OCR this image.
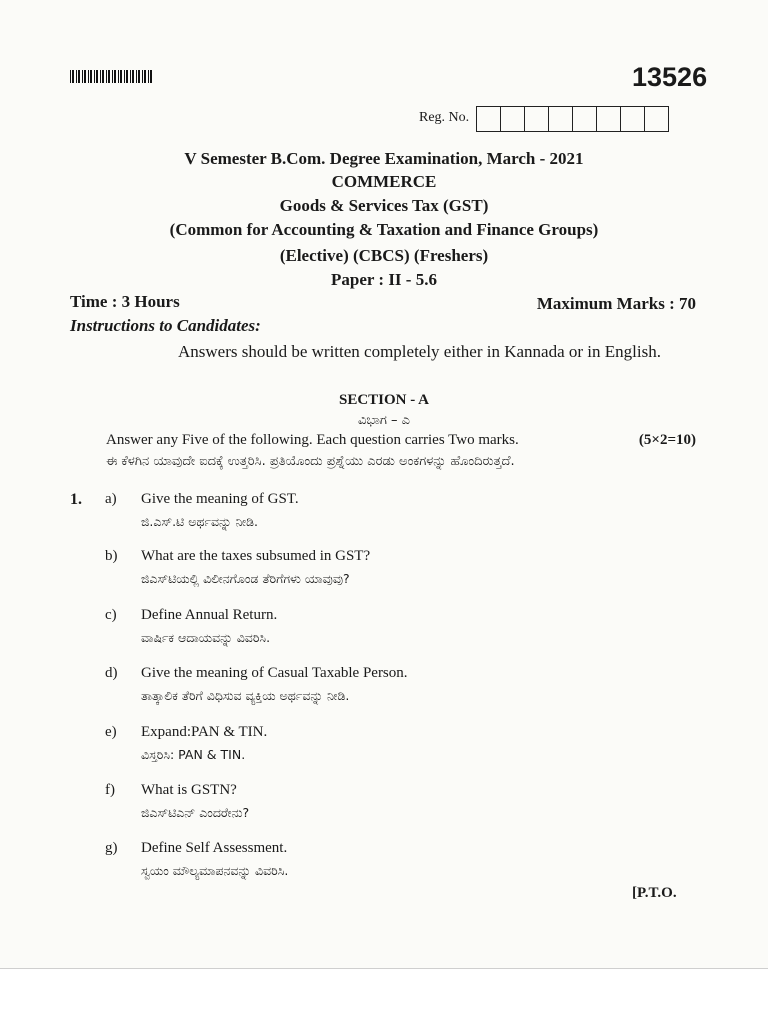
13526
Reg. No.
V Semester B.Com. Degree Examination, March - 2021
COMMERCE
Goods & Services Tax (GST)
(Common for Accounting & Taxation and Finance Groups)
(Elective) (CBCS) (Freshers)
Paper : II - 5.6
Time : 3 Hours	Maximum Marks : 70
Instructions to Candidates:
Answers should be written completely either in Kannada or in English.
SECTION - A
ವಿಭಾಗ – ಎ
Answer any Five of the following. Each question carries Two marks.	(5×2=10)
ಈ ಕೆಳಗಿನ ಯಾವುದೇ ಐದಕ್ಕೆ ಉತ್ತರಿಸಿ. ಪ್ರತಿಯೊಂದು ಪ್ರಶ್ನೆಯು ಎರಡು ಅಂಕಗಳನ್ನು ಹೊಂದಿರುತ್ತದೆ.
1. a) Give the meaning of GST.
ಜಿ.ಎಸ್.ಟಿ ಅರ್ಥವನ್ನು ನೀಡಿ.
b) What are the taxes subsumed in GST?
ಜಿಎಸ್‌ಟಿಯಲ್ಲಿ ವಿಲೀನಗೊಂಡ ತೆರಿಗೆಗಳು ಯಾವುವು?
c) Define Annual Return.
ವಾರ್ಷಿಕ ಆದಾಯವನ್ನು ವಿವರಿಸಿ.
d) Give the meaning of Casual Taxable Person.
ತಾತ್ಕಾಲಿಕ ತೆರಿಗೆ ವಿಧಿಸುವ ವ್ಯಕ್ತಿಯ ಅರ್ಥವನ್ನು ನೀಡಿ.
e) Expand:PAN & TIN.
ವಿಸ್ತರಿಸಿ: PAN & TIN.
f) What is GSTN?
ಜಿಎಸ್‌ಟಿಎನ್ ಎಂದರೇನು?
g) Define Self Assessment.
ಸ್ವಯಂ ಮೌಲ್ಯಮಾಪನವನ್ನು ವಿವರಿಸಿ.
[P.T.O.
